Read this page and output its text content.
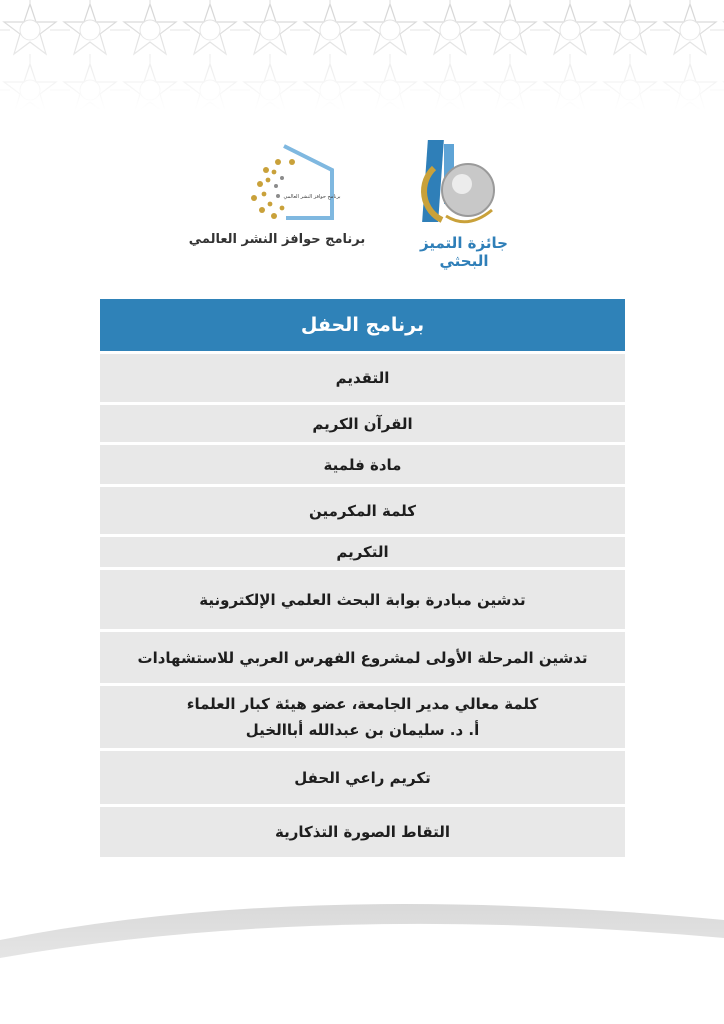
جائزة التميز البحثي
برنامج حوافز النشر العالمي
برنامج حوافز النشر العالمي
برنامج الحفل
التقديم
القرآن الكريم
مادة فلمية
كلمة المكرمين
التكريم
تدشين مبادرة بوابة البحث العلمي الإلكترونية
تدشين المرحلة الأولى لمشروع الفهرس العربي للاستشهادات
كلمة معالي مدير الجامعة، عضو هيئة كبار العلماء
أ. د. سليمان بن عبدالله أباالخيل
تكريم راعي الحفل
التقاط الصورة التذكارية
